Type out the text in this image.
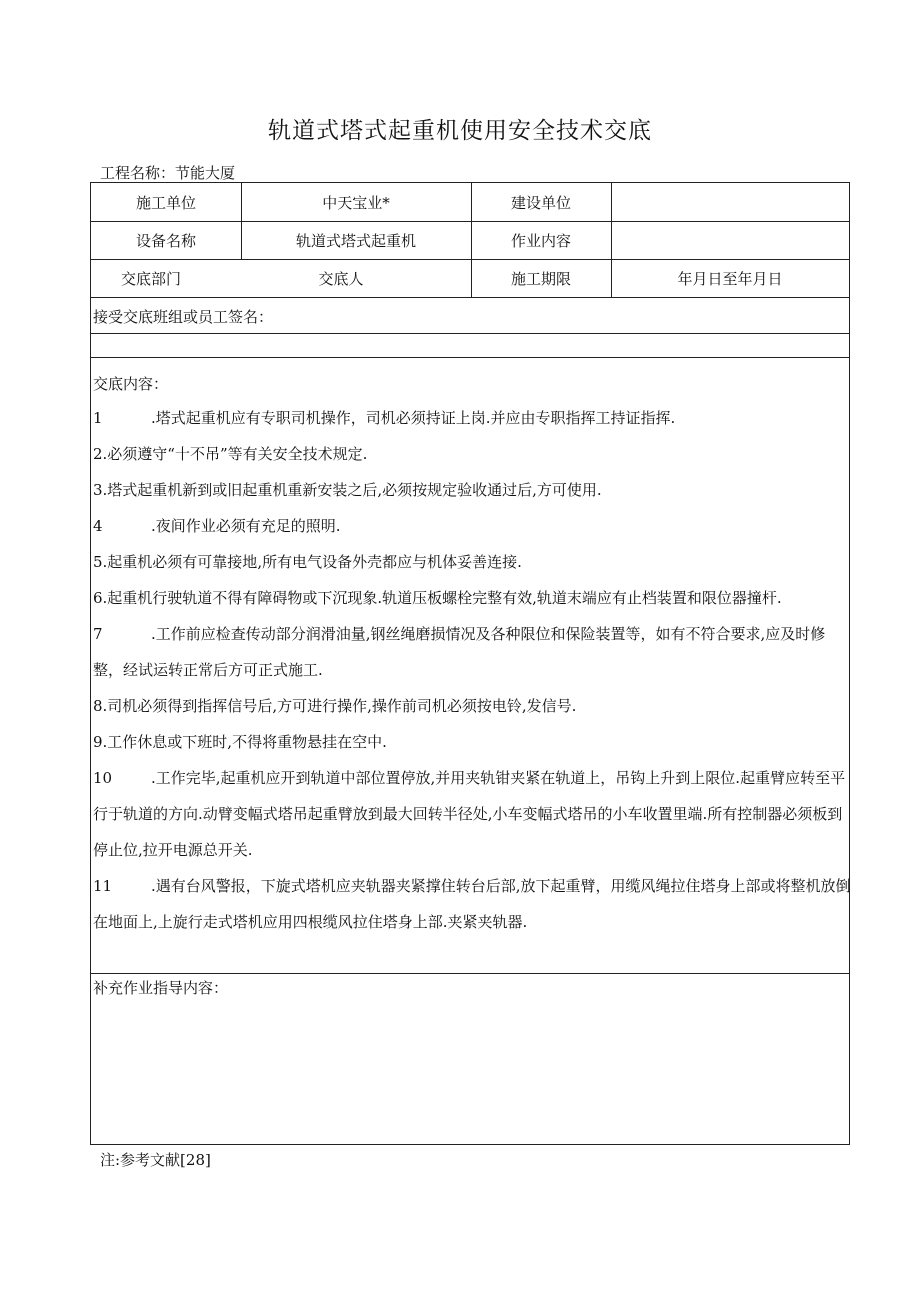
轨道式塔式起重机使用安全技术交底
工程名称：节能大厦
施工单位	中天宝业*	建设单位
设备名称	轨道式塔式起重机	作业内容
交底部门	交底人	施工期限	年月日至年月日
接受交底班组或员工签名：
交底内容：
1	.塔式起重机应有专职司机操作，司机必须持证上岗.并应由专职指挥工持证指挥.
2.必须遵守“十不吊”等有关安全技术规定.
3.塔式起重机新到或旧起重机重新安装之后,必须按规定验收通过后,方可使用.
4	.夜间作业必须有充足的照明.
5.起重机必须有可靠接地,所有电气设备外壳都应与机体妥善连接.
6.起重机行驶轨道不得有障碍物或下沉现象.轨道压板螺栓完整有效,轨道末端应有止档装置和限位器撞杆.
7	.工作前应检查传动部分润滑油量,钢丝绳磨损情况及各种限位和保险装置等，如有不符合要求,应及时修整，经试运转正常后方可正式施工.
8.司机必须得到指挥信号后,方可进行操作,操作前司机必须按电铃,发信号.
9.工作休息或下班时,不得将重物悬挂在空中.
10	.工作完毕,起重机应开到轨道中部位置停放,并用夹轨钳夹紧在轨道上，吊钩上升到上限位.起重臂应转至平行于轨道的方向.动臂变幅式塔吊起重臂放到最大回转半径处,小车变幅式塔吊的小车收置里端.所有控制器必须板到停止位,拉开电源总开关.
11	.遇有台风警报，下旋式塔机应夹轨器夹紧撑住转台后部,放下起重臂，用缆风绳拉住塔身上部或将整机放倒在地面上,上旋行走式塔机应用四根缆风拉住塔身上部.夹紧夹轨器.
补充作业指导内容：
注:参考文献[28]
